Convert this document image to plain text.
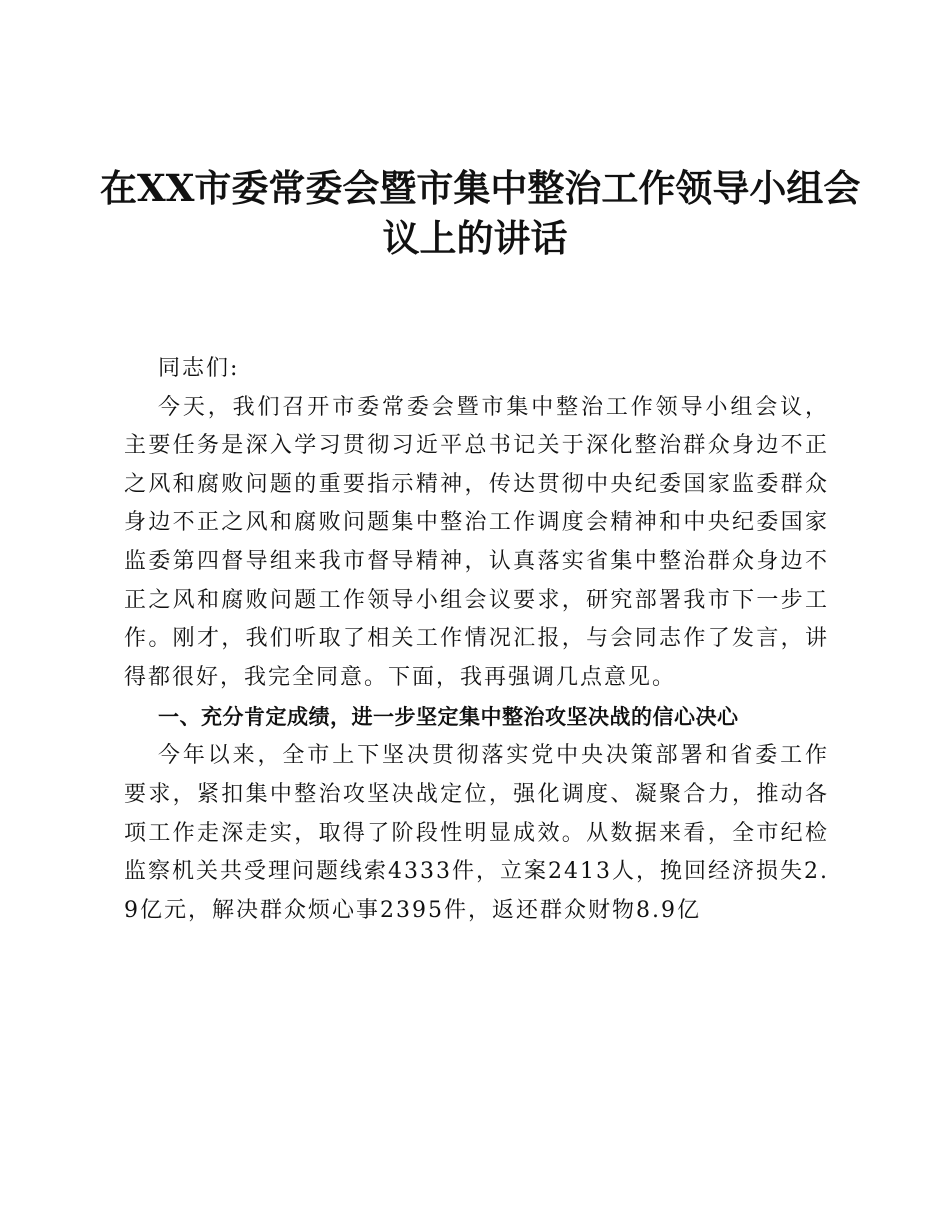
在XX市委常委会暨市集中整治工作领导小组会
议上的讲话

同志们:

今天，我们召开市委常委会暨市集中整治工作领导小组会议，主要任务是深入学习贯彻习近平总书记关于深化整治群众身边不正之风和腐败问题的重要指示精神，传达贯彻中央纪委国家监委群众身边不正之风和腐败问题集中整治工作调度会精神和中央纪委国家监委第四督导组来我市督导精神，认真落实省集中整治群众身边不正之风和腐败问题工作领导小组会议要求，研究部署我市下一步工作。刚才，我们听取了相关工作情况汇报，与会同志作了发言，讲得都很好，我完全同意。下面，我再强调几点意见。

一、充分肯定成绩，进一步坚定集中整治攻坚决战的信心决心

今年以来，全市上下坚决贯彻落实党中央决策部署和省委工作要求，紧扣集中整治攻坚决战定位，强化调度、凝聚合力，推动各项工作走深走实，取得了阶段性明显成效。从数据来看，全市纪检监察机关共受理问题线索4333件，立案2413人，挽回经济损失2.9亿元，解决群众烦心事2395件，返还群众财物8.9亿
